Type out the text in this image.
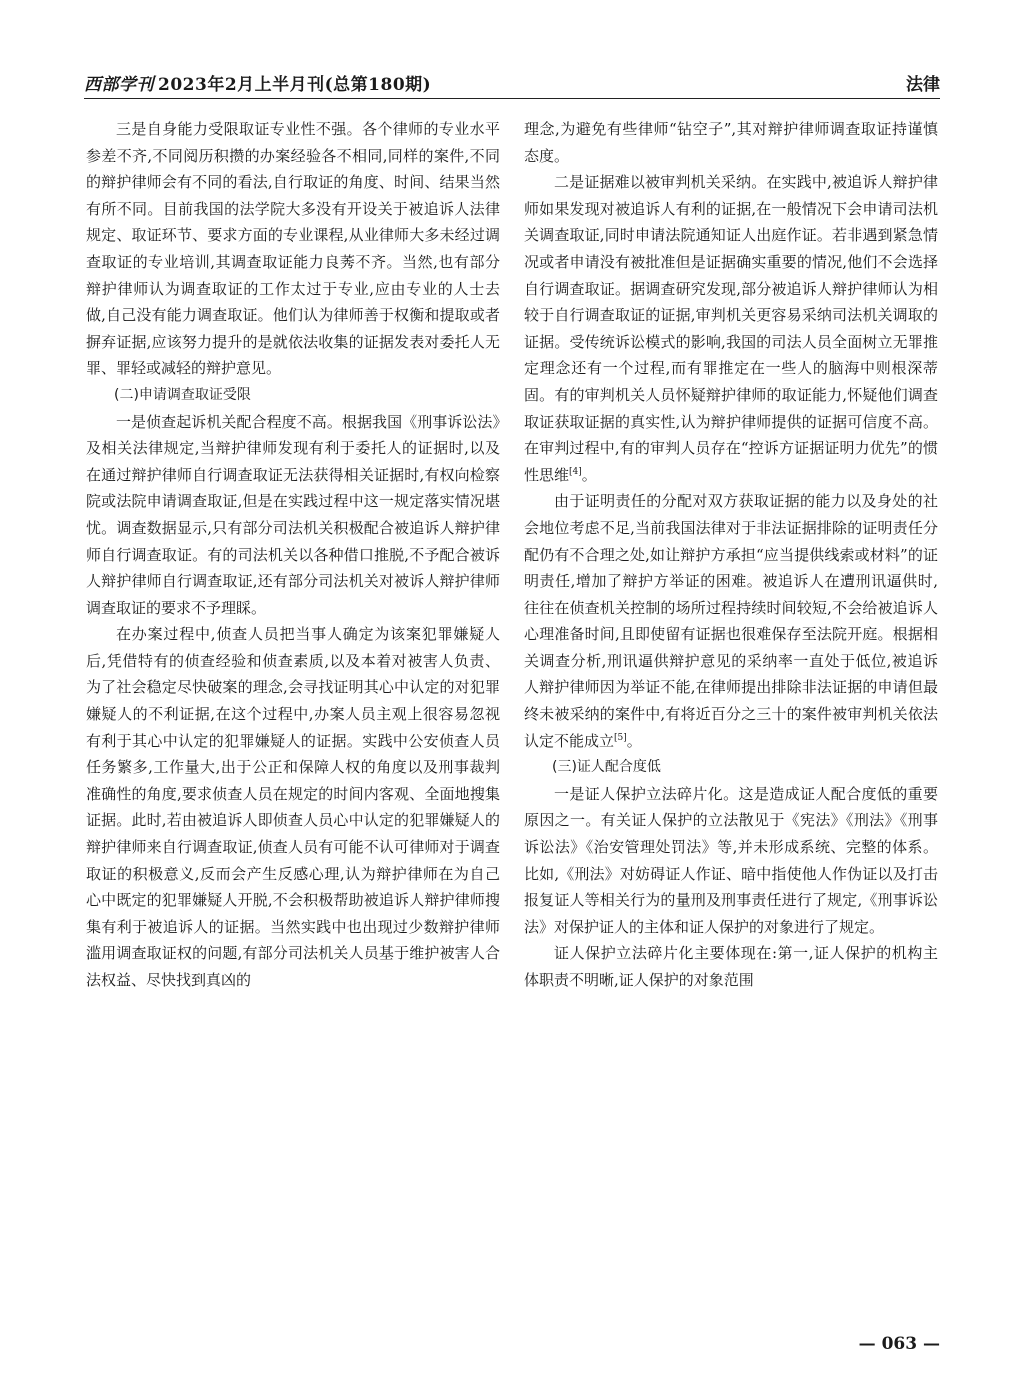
西部学刊 2023年2月上半月刊(总第180期)	法律

三是自身能力受限取证专业性不强。各个律师的专业水平参差不齐,不同阅历积攒的办案经验各不相同,同样的案件,不同的辩护律师会有不同的看法,自行取证的角度、时间、结果当然有所不同。目前我国的法学院大多没有开设关于被追诉人法律规定、取证环节、要求方面的专业课程,从业律师大多未经过调查取证的专业培训,其调查取证能力良莠不齐。当然,也有部分辩护律师认为调查取证的工作太过于专业,应由专业的人士去做,自己没有能力调查取证。他们认为律师善于权衡和提取或者摒弃证据,应该努力提升的是就依法收集的证据发表对委托人无罪、罪轻或减轻的辩护意见。

(二)申请调查取证受限

一是侦查起诉机关配合程度不高。根据我国《刑事诉讼法》及相关法律规定,当辩护律师发现有利于委托人的证据时,以及在通过辩护律师自行调查取证无法获得相关证据时,有权向检察院或法院申请调查取证,但是在实践过程中这一规定落实情况堪忧。调查数据显示,只有部分司法机关积极配合被追诉人辩护律师自行调查取证。有的司法机关以各种借口推脱,不予配合被诉人辩护律师自行调查取证,还有部分司法机关对被诉人辩护律师调查取证的要求不予理睬。

在办案过程中,侦查人员把当事人确定为该案犯罪嫌疑人后,凭借特有的侦查经验和侦查素质,以及本着对被害人负责、为了社会稳定尽快破案的理念,会寻找证明其心中认定的对犯罪嫌疑人的不利证据,在这个过程中,办案人员主观上很容易忽视有利于其心中认定的犯罪嫌疑人的证据。实践中公安侦查人员任务繁多,工作量大,出于公正和保障人权的角度以及刑事裁判准确性的角度,要求侦查人员在规定的时间内客观、全面地搜集证据。此时,若由被追诉人即侦查人员心中认定的犯罪嫌疑人的辩护律师来自行调查取证,侦查人员有可能不认可律师对于调查取证的积极意义,反而会产生反感心理,认为辩护律师在为自己心中既定的犯罪嫌疑人开脱,不会积极帮助被追诉人辩护律师搜集有利于被追诉人的证据。当然实践中也出现过少数辩护律师滥用调查取证权的问题,有部分司法机关人员基于维护被害人合法权益、尽快找到真凶的

理念,为避免有些律师“钻空子”,其对辩护律师调查取证持谨慎态度。

二是证据难以被审判机关采纳。在实践中,被追诉人辩护律师如果发现对被追诉人有利的证据,在一般情况下会申请司法机关调查取证,同时申请法院通知证人出庭作证。若非遇到紧急情况或者申请没有被批准但是证据确实重要的情况,他们不会选择自行调查取证。据调查研究发现,部分被追诉人辩护律师认为相较于自行调查取证的证据,审判机关更容易采纳司法机关调取的证据。受传统诉讼模式的影响,我国的司法人员全面树立无罪推定理念还有一个过程,而有罪推定在一些人的脑海中则根深蒂固。有的审判机关人员怀疑辩护律师的取证能力,怀疑他们调查取证获取证据的真实性,认为辩护律师提供的证据可信度不高。在审判过程中,有的审判人员存在“控诉方证据证明力优先”的惯性思维[4]。

由于证明责任的分配对双方获取证据的能力以及身处的社会地位考虑不足,当前我国法律对于非法证据排除的证明责任分配仍有不合理之处,如让辩护方承担“应当提供线索或材料”的证明责任,增加了辩护方举证的困难。被追诉人在遭刑讯逼供时,往往在侦查机关控制的场所过程持续时间较短,不会给被追诉人心理准备时间,且即使留有证据也很难保存至法院开庭。根据相关调查分析,刑讯逼供辩护意见的采纳率一直处于低位,被追诉人辩护律师因为举证不能,在律师提出排除非法证据的申请但最终未被采纳的案件中,有将近百分之三十的案件被审判机关依法认定不能成立[5]。

(三)证人配合度低

一是证人保护立法碎片化。这是造成证人配合度低的重要原因之一。有关证人保护的立法散见于《宪法》《刑法》《刑事诉讼法》《治安管理处罚法》等,并未形成系统、完整的体系。比如,《刑法》对妨碍证人作证、暗中指使他人作伪证以及打击报复证人等相关行为的量刑及刑事责任进行了规定,《刑事诉讼法》对保护证人的主体和证人保护的对象进行了规定。

证人保护立法碎片化主要体现在:第一,证人保护的机构主体职责不明晰,证人保护的对象范围

— 063 —
